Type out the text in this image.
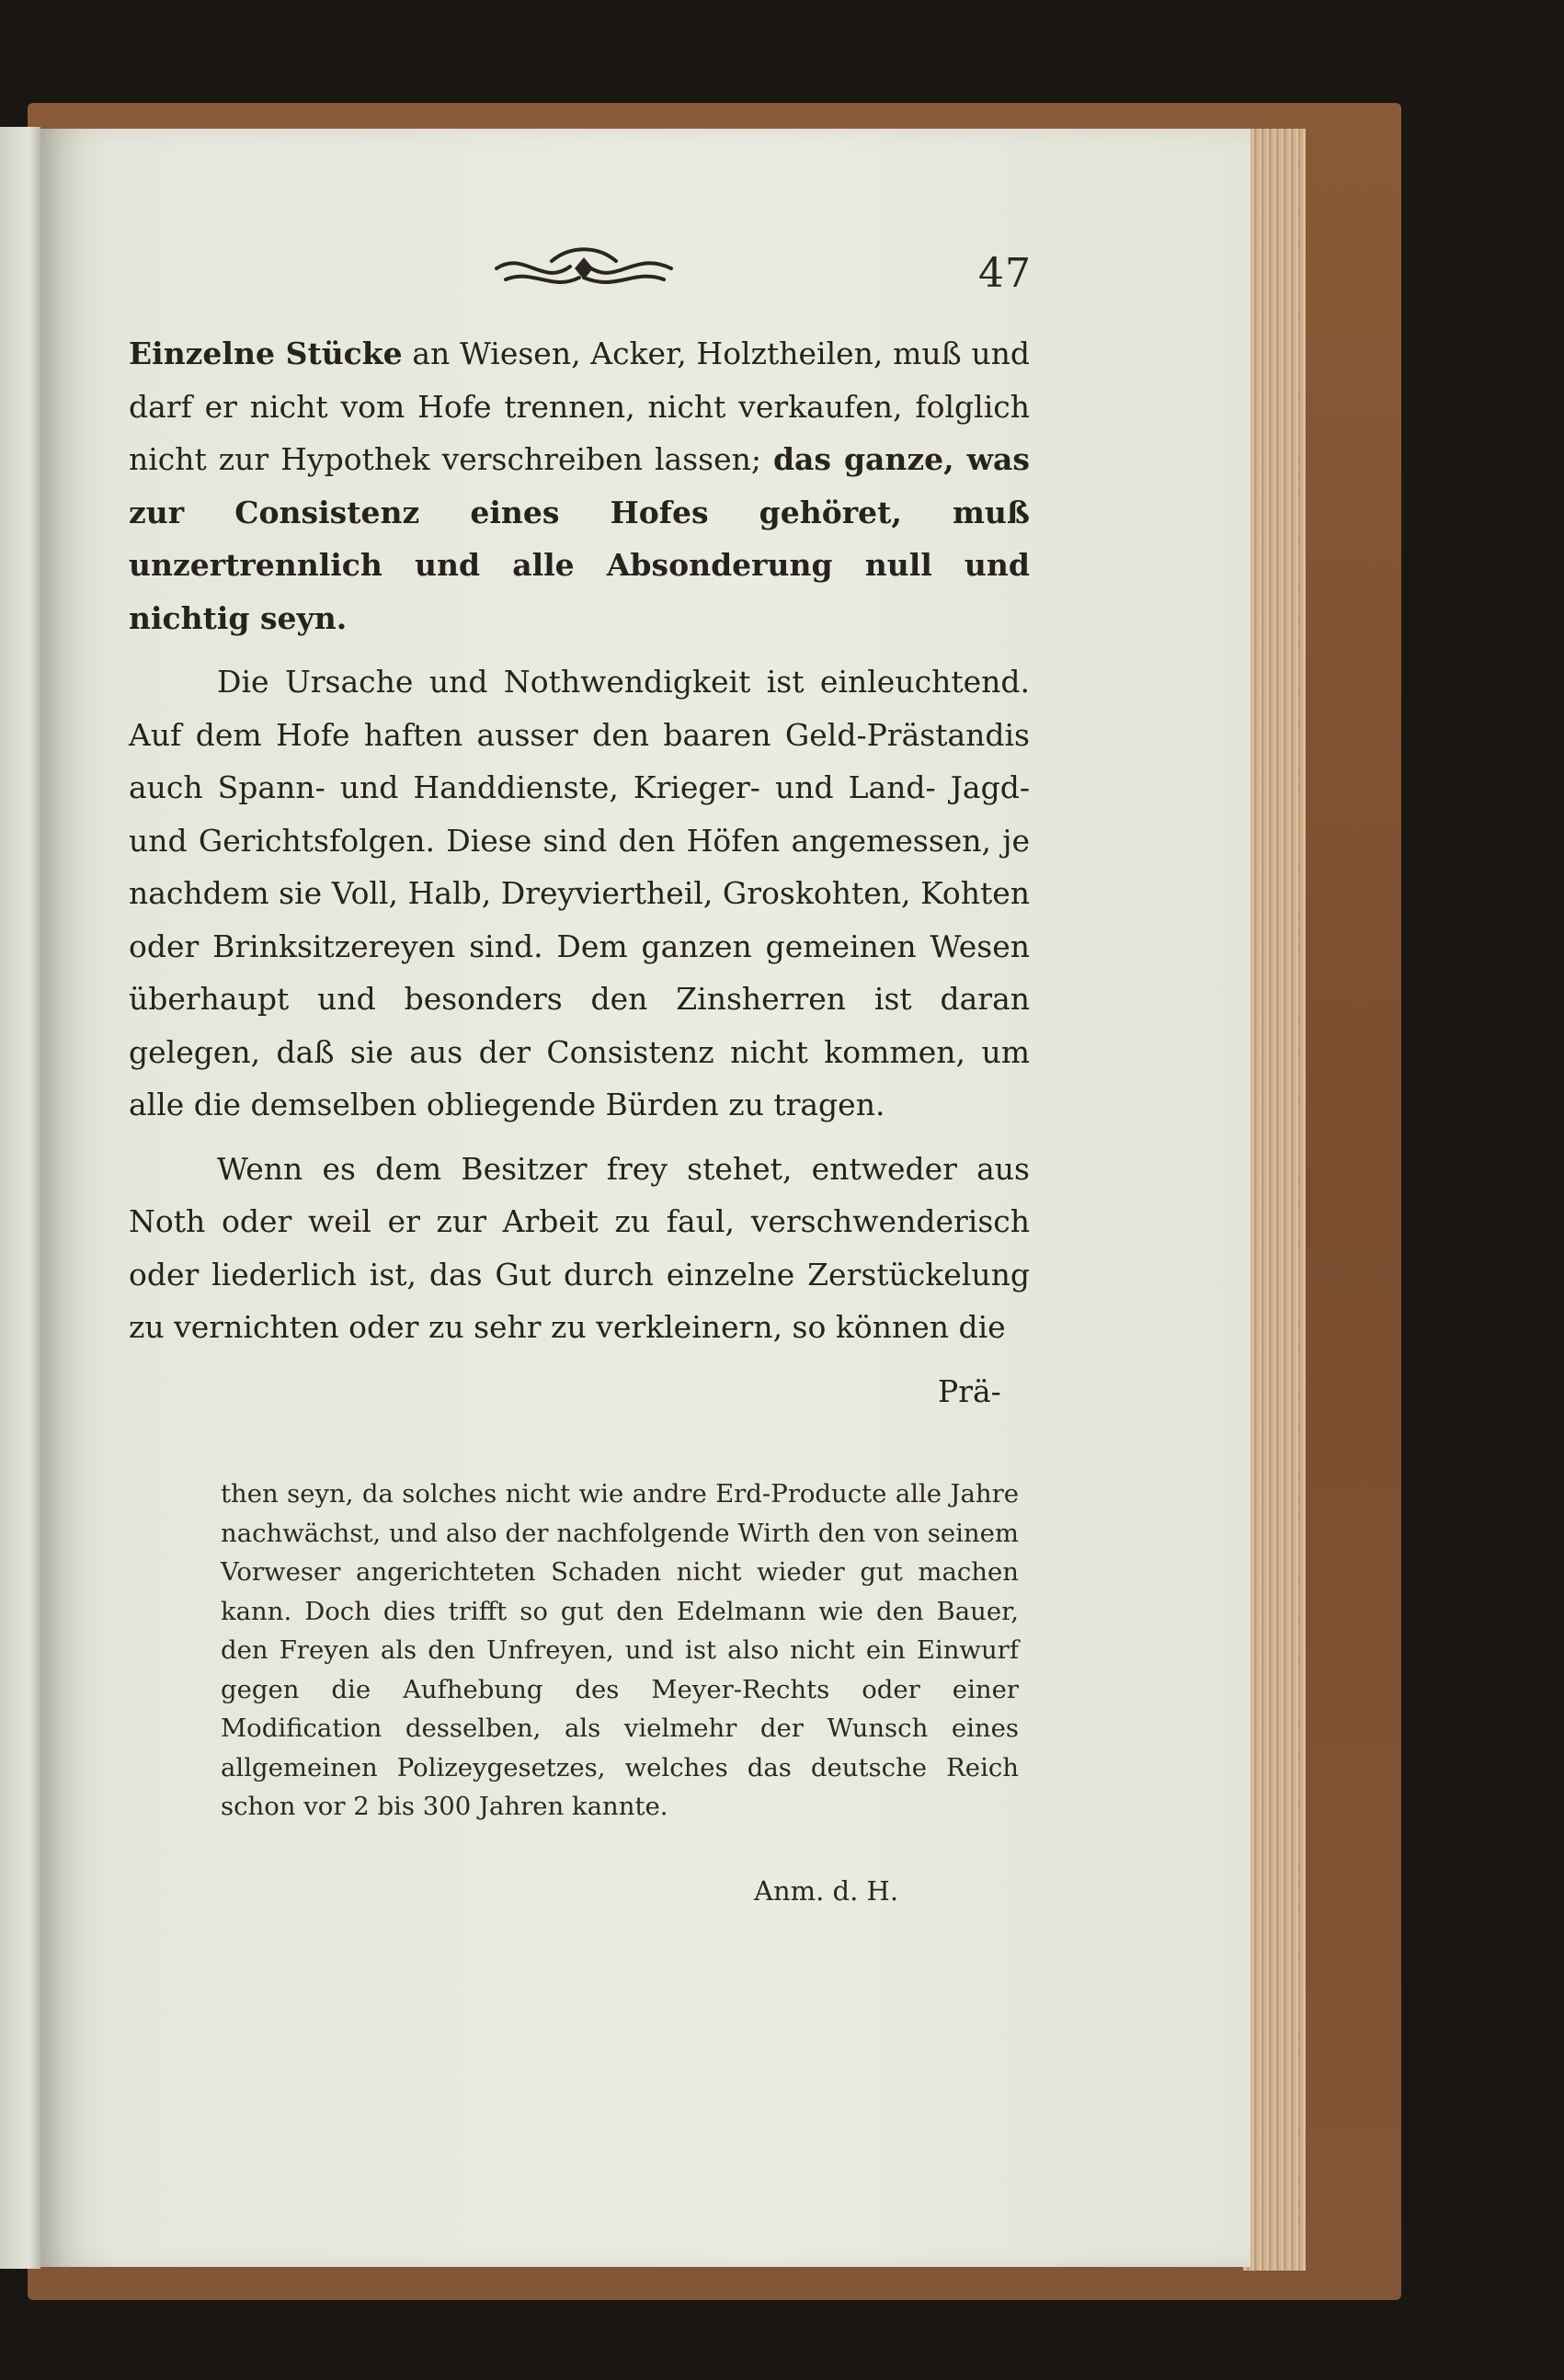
47

Einzelne Stücke an Wiesen, Acker, Holztheilen, muß und darf er nicht vom Hofe trennen, nicht verkaufen, folglich nicht zur Hypothek verschreiben lassen; das ganze, was zur Consistenz eines Hofes gehöret, muß unzertrennlich und alle Absonderung null und nichtig seyn.

Die Ursache und Nothwendigkeit ist einleuchtend. Auf dem Hofe haften ausser den baaren Geld-Prästandis auch Spann- und Handdienste, Krieger- und Land- Jagd- und Gerichtsfolgen. Diese sind den Höfen angemessen, je nachdem sie Voll, Halb, Dreyviertheil, Groskohten, Kohten oder Brinksitzereyen sind. Dem ganzen gemeinen Wesen überhaupt und besonders den Zinsherren ist daran gelegen, daß sie aus der Consistenz nicht kommen, um alle die demselben obliegende Bürden zu tragen.

Wenn es dem Besitzer frey stehet, entweder aus Noth oder weil er zur Arbeit zu faul, verschwenderisch oder liederlich ist, das Gut durch einzelne Zerstückelung zu vernichten oder zu sehr zu verkleinern, so können die

Prä-

then seyn, da solches nicht wie andre Erd-Producte alle Jahre nachwächst, und also der nachfolgende Wirth den von seinem Vorweser angerichteten Schaden nicht wieder gut machen kann. Doch dies trifft so gut den Edelmann wie den Bauer, den Freyen als den Unfreyen, und ist also nicht ein Einwurf gegen die Aufhebung des Meyer-Rechts oder einer Modification desselben, als vielmehr der Wunsch eines allgemeinen Polizeygesetzes, welches das deutsche Reich schon vor 2 bis 300 Jahren kannte.

Anm. d. H.
